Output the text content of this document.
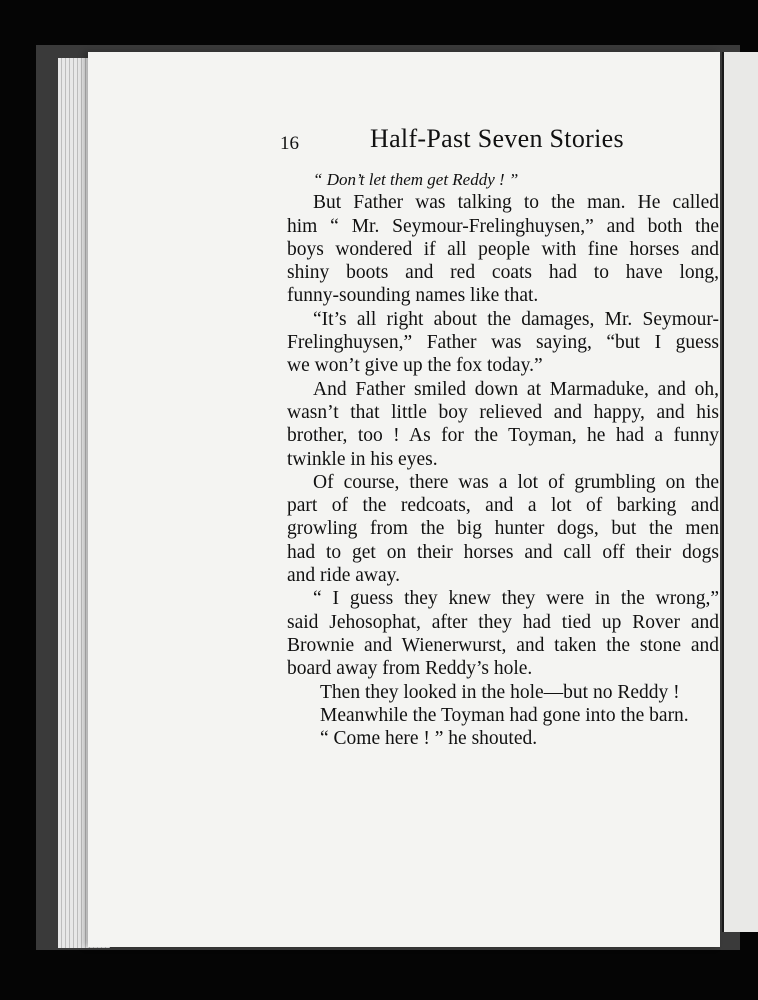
16	Half-Past Seven Stories
“ Don’t let them get Reddy ! ”
But Father was talking to the man. He called
him “ Mr. Seymour-Frelinghuysen,” and both the
boys wondered if all people with fine horses and
shiny boots and red coats had to have long,
funny-sounding names like that.
“It’s all right about the damages, Mr. Seymour-
Frelinghuysen,” Father was saying, “but I guess
we won’t give up the fox today.”
And Father smiled down at Marmaduke, and oh,
wasn’t that little boy relieved and happy, and his
brother, too ! As for the Toyman, he had a funny
twinkle in his eyes.
Of course, there was a lot of grumbling on the
part of the redcoats, and a lot of barking and
growling from the big hunter dogs, but the men
had to get on their horses and call off their dogs
and ride away.
“ I guess they knew they were in the wrong,”
said Jehosophat, after they had tied up Rover and
Brownie and Wienerwurst, and taken the stone and
board away from Reddy’s hole.
Then they looked in the hole—but no Reddy !
Meanwhile the Toyman had gone into the barn.
“ Come here ! ” he shouted.
